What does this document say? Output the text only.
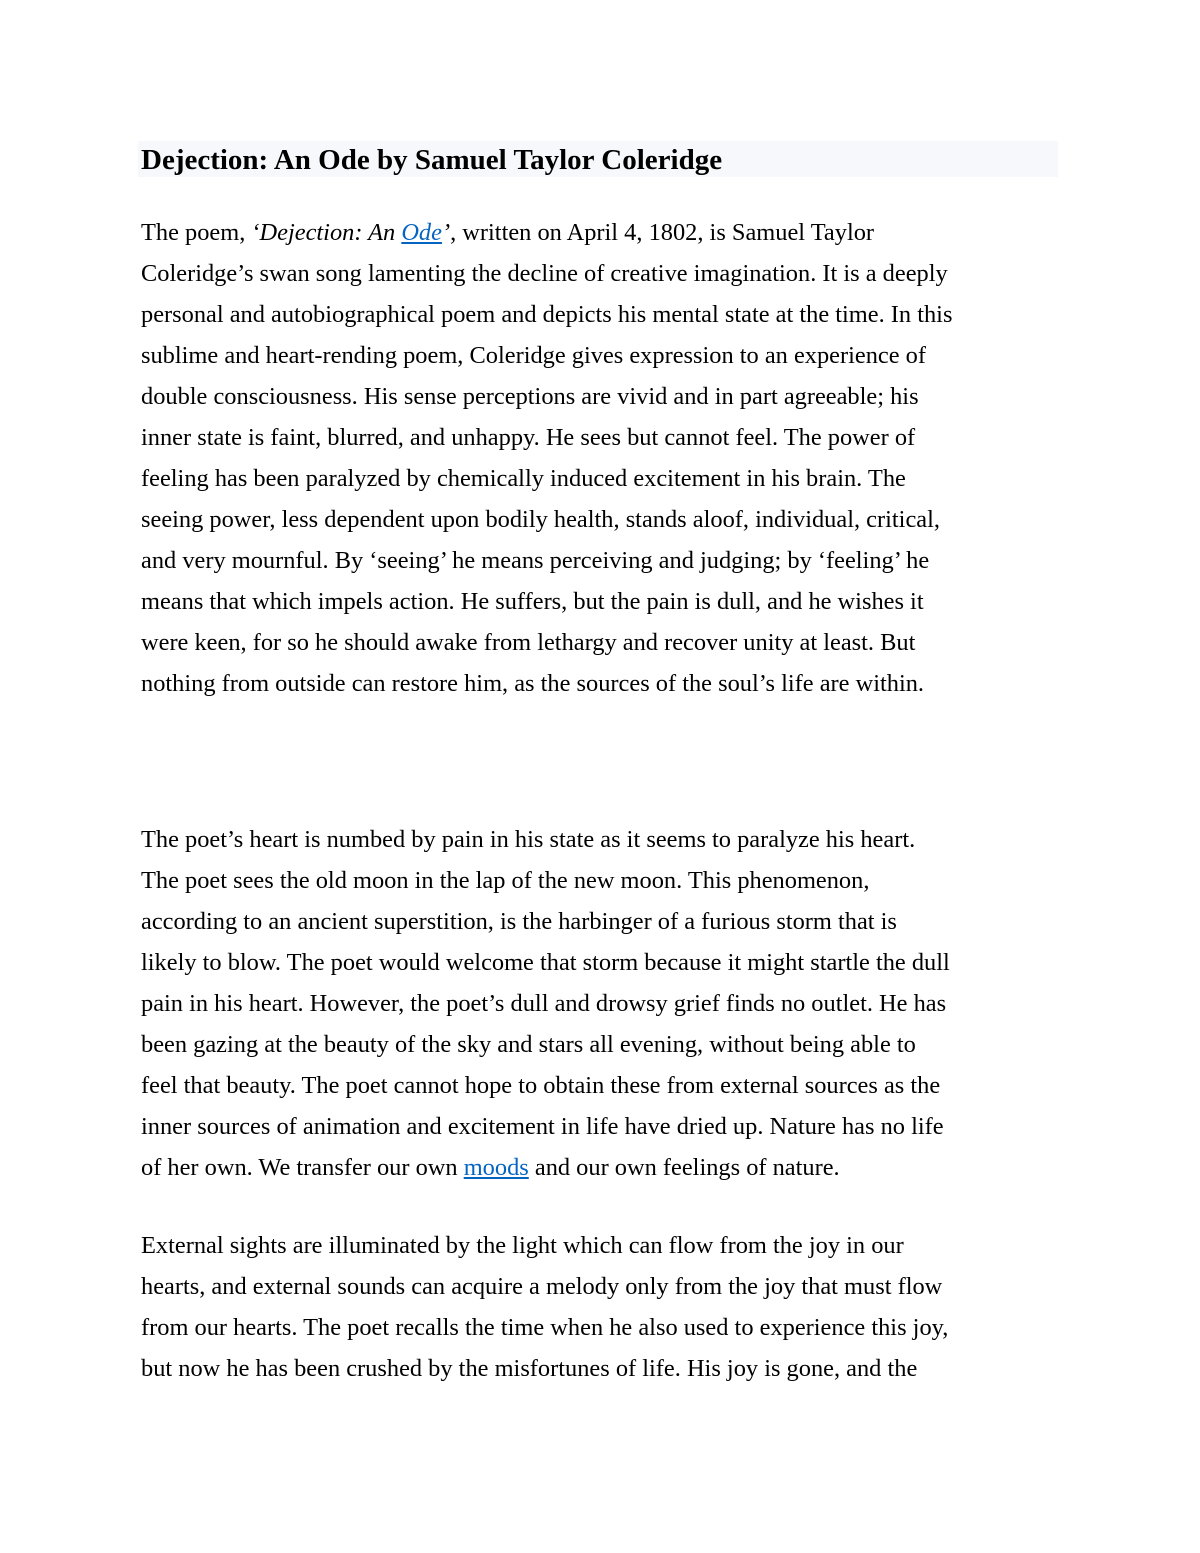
Dejection: An Ode by Samuel Taylor Coleridge

The poem, ‘Dejection: An Ode’, written on April 4, 1802, is Samuel Taylor
Coleridge’s swan song lamenting the decline of creative imagination. It is a deeply
personal and autobiographical poem and depicts his mental state at the time. In this
sublime and heart-rending poem, Coleridge gives expression to an experience of
double consciousness. His sense perceptions are vivid and in part agreeable; his
inner state is faint, blurred, and unhappy. He sees but cannot feel. The power of
feeling has been paralyzed by chemically induced excitement in his brain. The
seeing power, less dependent upon bodily health, stands aloof, individual, critical,
and very mournful. By ‘seeing’ he means perceiving and judging; by ‘feeling’ he
means that which impels action. He suffers, but the pain is dull, and he wishes it
were keen, for so he should awake from lethargy and recover unity at least. But
nothing from outside can restore him, as the sources of the soul’s life are within.

The poet’s heart is numbed by pain in his state as it seems to paralyze his heart.
The poet sees the old moon in the lap of the new moon. This phenomenon,
according to an ancient superstition, is the harbinger of a furious storm that is
likely to blow. The poet would welcome that storm because it might startle the dull
pain in his heart. However, the poet’s dull and drowsy grief finds no outlet. He has
been gazing at the beauty of the sky and stars all evening, without being able to
feel that beauty. The poet cannot hope to obtain these from external sources as the
inner sources of animation and excitement in life have dried up. Nature has no life
of her own. We transfer our own moods and our own feelings of nature.

External sights are illuminated by the light which can flow from the joy in our
hearts, and external sounds can acquire a melody only from the joy that must flow
from our hearts. The poet recalls the time when he also used to experience this joy,
but now he has been crushed by the misfortunes of life. His joy is gone, and the
